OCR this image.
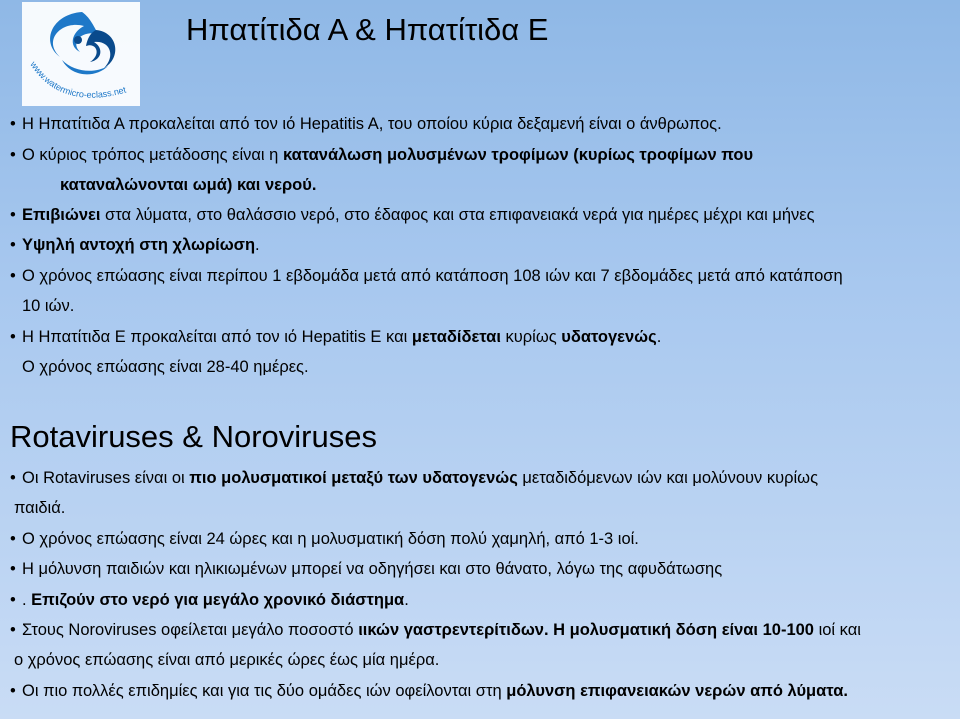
www.watermicro-eclass.net
Ηπατίτιδα Α & Ηπατίτιδα Ε
• Η Ηπατίτιδα Α προκαλείται από τον ιό Hepatitis A, του οποίου κύρια δεξαμενή είναι ο άνθρωπος.
• Ο κύριος τρόπος μετάδοσης είναι η κατανάλωση μολυσμένων τροφίμων (κυρίως τροφίμων που
καταναλώνονται ωμά) και νερού.
• Επιβιώνει στα λύματα, στο θαλάσσιο νερό, στο έδαφος και στα επιφανειακά νερά για ημέρες μέχρι και μήνες
• Υψηλή αντοχή στη χλωρίωση.
• Ο χρόνος επώασης είναι περίπου 1 εβδομάδα μετά από κατάποση 108 ιών και 7 εβδομάδες μετά από κατάποση
10 ιών.
• Η Ηπατίτιδα Ε προκαλείται από τον ιό Hepatitis E και μεταδίδεται κυρίως υδατογενώς.
Ο χρόνος επώασης είναι 28-40 ημέρες.
Rotaviruses & Noroviruses
• Οι Rotaviruses είναι οι πιο μολυσματικοί μεταξύ των υδατογενώς μεταδιδόμενων ιών και μολύνουν κυρίως
παιδιά.
• Ο χρόνος επώασης είναι 24 ώρες και η μολυσματική δόση πολύ χαμηλή, από 1-3 ιοί.
• Η μόλυνση παιδιών και ηλικιωμένων μπορεί να οδηγήσει και στο θάνατο, λόγω της αφυδάτωσης
• . Επιζούν στο νερό για μεγάλο χρονικό διάστημα.
• Στους Noroviruses οφείλεται μεγάλο ποσοστό ιικών γαστρεντερίτιδων. Η μολυσματική δόση είναι 10-100 ιοί και
ο χρόνος επώασης είναι από μερικές ώρες έως μία ημέρα.
• Οι πιο πολλές επιδημίες και για τις δύο ομάδες ιών οφείλονται στη μόλυνση επιφανειακών νερών από λύματα.
